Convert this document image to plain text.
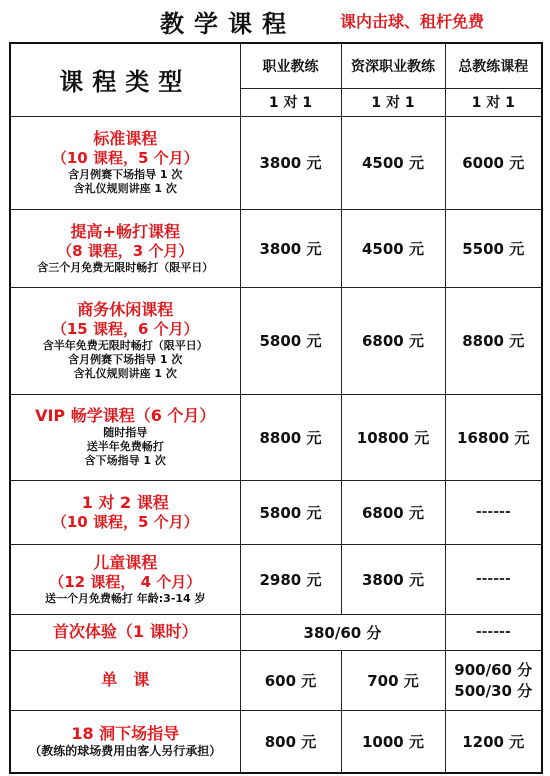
教学课程	课内击球、租杆免费
课程类型	职业教练	资深职业教练	总教练课程
	1 对 1	1 对 1	1 对 1

标准课程
（10 课程，5 个月）
含月例赛下场指导 1 次
含礼仪规则讲座 1 次	3800 元	4500 元	6000 元

提高+畅打课程
（8 课程，3 个月）
含三个月免费无限时畅打（限平日）	3800 元	4500 元	5500 元

商务休闲课程
（15 课程，6 个月）
含半年免费无限时畅打（限平日）
含月例赛下场指导 1 次
含礼仪规则讲座 1 次	5800 元	6800 元	8800 元

VIP 畅学课程（6 个月）
随时指导
送半年免费畅打
含下场指导 1 次	8800 元	10800 元	16800 元

1 对 2 课程
（10 课程，5 个月）	5800 元	6800 元	------

儿童课程
（12 课程， 4 个月）
送一个月免费畅打 年龄:3-14 岁	2980 元	3800 元	------

首次体验（1 课时）	380/60 分		------

单　课	600 元	700 元	900/60 分
500/30 分

18 洞下场指导
（教练的球场费用由客人另行承担）	800 元	1000 元	1200 元
